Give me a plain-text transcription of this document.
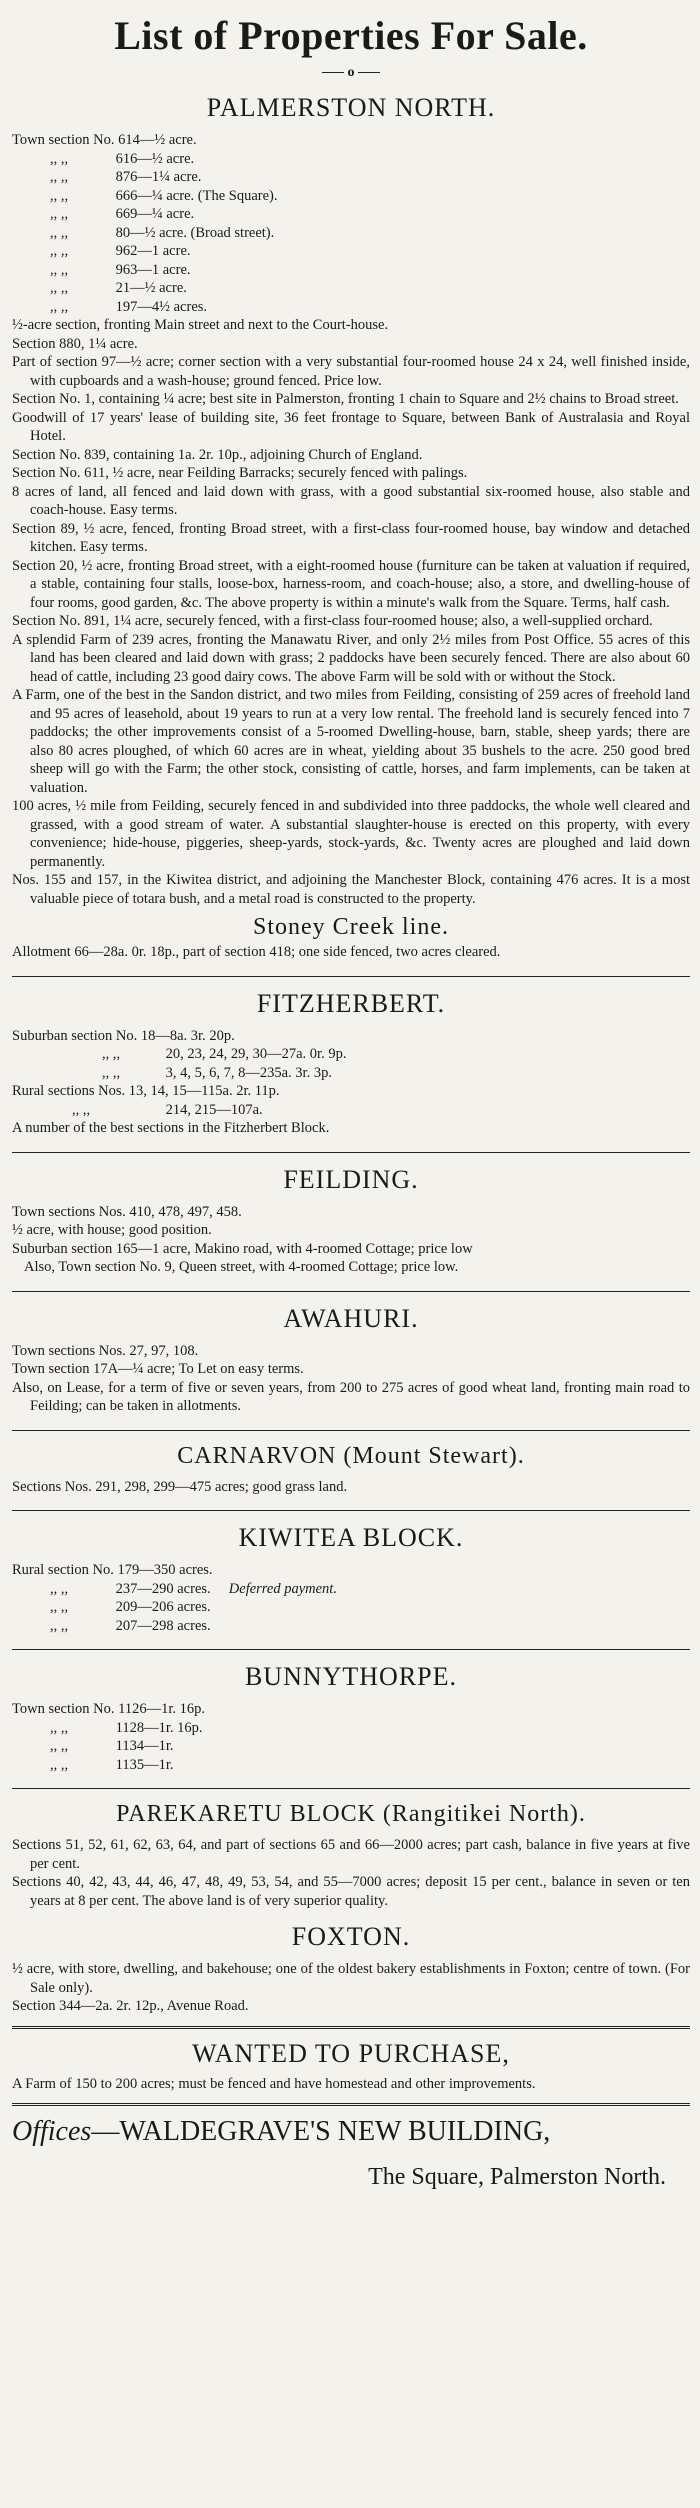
List of Properties For Sale.
o
PALMERSTON NORTH.

Town section No. 614—½ acre.

,, ,,	616—½ acre.

,, ,,	876—1¼ acre.

,, ,,	666—¼ acre. (The Square).

,, ,,	669—¼ acre.

,, ,,	80—½ acre. (Broad street).

,, ,,	962—1 acre.

,, ,,	963—1 acre.

,, ,,	21—½ acre.

,, ,,	197—4½ acres.

½-acre section, fronting Main street and next to the Court-house.

Section 880, 1¼ acre.

Part of section 97—½ acre; corner section with a very substantial four-roomed house 24 x 24, well finished inside, with cupboards and a wash-house; ground fenced. Price low.

Section No. 1, containing ¼ acre; best site in Palmerston, fronting 1 chain to Square and 2½ chains to Broad street.

Goodwill of 17 years' lease of building site, 36 feet frontage to Square, between Bank of Australasia and Royal Hotel.

Section No. 839, containing 1a. 2r. 10p., adjoining Church of England.

Section No. 611, ½ acre, near Feilding Barracks; securely fenced with palings.

8 acres of land, all fenced and laid down with grass, with a good substantial six-roomed house, also stable and coach-house. Easy terms.

Section 89, ½ acre, fenced, fronting Broad street, with a first-class four-roomed house, bay window and detached kitchen. Easy terms.

Section 20, ½ acre, fronting Broad street, with a eight-roomed house (furniture can be taken at valuation if required, a stable, containing four stalls, loose-box, harness-room, and coach-house; also, a store, and dwelling-house of four rooms, good garden, &c. The above property is within a minute's walk from the Square. Terms, half cash.

Section No. 891, 1¼ acre, securely fenced, with a first-class four-roomed house; also, a well-supplied orchard.

A splendid Farm of 239 acres, fronting the Manawatu River, and only 2½ miles from Post Office. 55 acres of this land has been cleared and laid down with grass; 2 paddocks have been securely fenced. There are also about 60 head of cattle, including 23 good dairy cows. The above Farm will be sold with or without the Stock.

A Farm, one of the best in the Sandon district, and two miles from Feilding, consisting of 259 acres of freehold land and 95 acres of leasehold, about 19 years to run at a very low rental. The freehold land is securely fenced into 7 paddocks; the other improvements consist of a 5-roomed Dwelling-house, barn, stable, sheep yards; there are also 80 acres ploughed, of which 60 acres are in wheat, yielding about 35 bushels to the acre. 250 good bred sheep will go with the Farm; the other stock, consisting of cattle, horses, and farm implements, can be taken at valuation.

100 acres, ½ mile from Feilding, securely fenced in and subdivided into three paddocks, the whole well cleared and grassed, with a good stream of water. A substantial slaughter-house is erected on this property, with every convenience; hide-house, piggeries, sheep-yards, stock-yards, &c. Twenty acres are ploughed and laid down permanently.

Nos. 155 and 157, in the Kiwitea district, and adjoining the Manchester Block, containing 476 acres. It is a most valuable piece of totara bush, and a metal road is constructed to the property.

Stoney Creek line.

Allotment 66—28a. 0r. 18p., part of section 418; one side fenced, two acres cleared.

FITZHERBERT.

Suburban section No. 18—8a. 3r. 20p.

,, ,,	20, 23, 24, 29, 30—27a. 0r. 9p.

,, ,,	3, 4, 5, 6, 7, 8—235a. 3r. 3p.

Rural sections Nos. 13, 14, 15—115a. 2r. 11p.

,, ,,	214, 215—107a.

A number of the best sections in the Fitzherbert Block.

FEILDING.

Town sections Nos. 410, 478, 497, 458.

½ acre, with house; good position.

Suburban section 165—1 acre, Makino road, with 4-roomed Cottage; price low

Also, Town section No. 9, Queen street, with 4-roomed Cottage; price low.

AWAHURI.

Town sections Nos. 27, 97, 108.

Town section 17A—¼ acre; To Let on easy terms.

Also, on Lease, for a term of five or seven years, from 200 to 275 acres of good wheat land, fronting main road to Feilding; can be taken in allotments.

CARNARVON (Mount Stewart).

Sections Nos. 291, 298, 299—475 acres; good grass land.

KIWITEA BLOCK.

Rural section No. 179—350 acres.

,, ,,	237—290 acres. Deferred payment.

,, ,,	209—206 acres.

,, ,,	207—298 acres.

BUNNYTHORPE.

Town section No. 1126—1r. 16p.

,, ,,	1128—1r. 16p.

,, ,,	1134—1r.

,, ,,	1135—1r.

PAREKARETU BLOCK (Rangitikei North).

Sections 51, 52, 61, 62, 63, 64, and part of sections 65 and 66—2000 acres; part cash, balance in five years at five per cent.

Sections 40, 42, 43, 44, 46, 47, 48, 49, 53, 54, and 55—7000 acres; deposit 15 per cent., balance in seven or ten years at 8 per cent. The above land is of very superior quality.

FOXTON.

½ acre, with store, dwelling, and bakehouse; one of the oldest bakery establishments in Foxton; centre of town. (For Sale only).

Section 344—2a. 2r. 12p., Avenue Road.

WANTED TO PURCHASE,

A Farm of 150 to 200 acres; must be fenced and have homestead and other improvements.

Offices—WALDEGRAVE'S NEW BUILDING,
The Square, Palmerston North.
